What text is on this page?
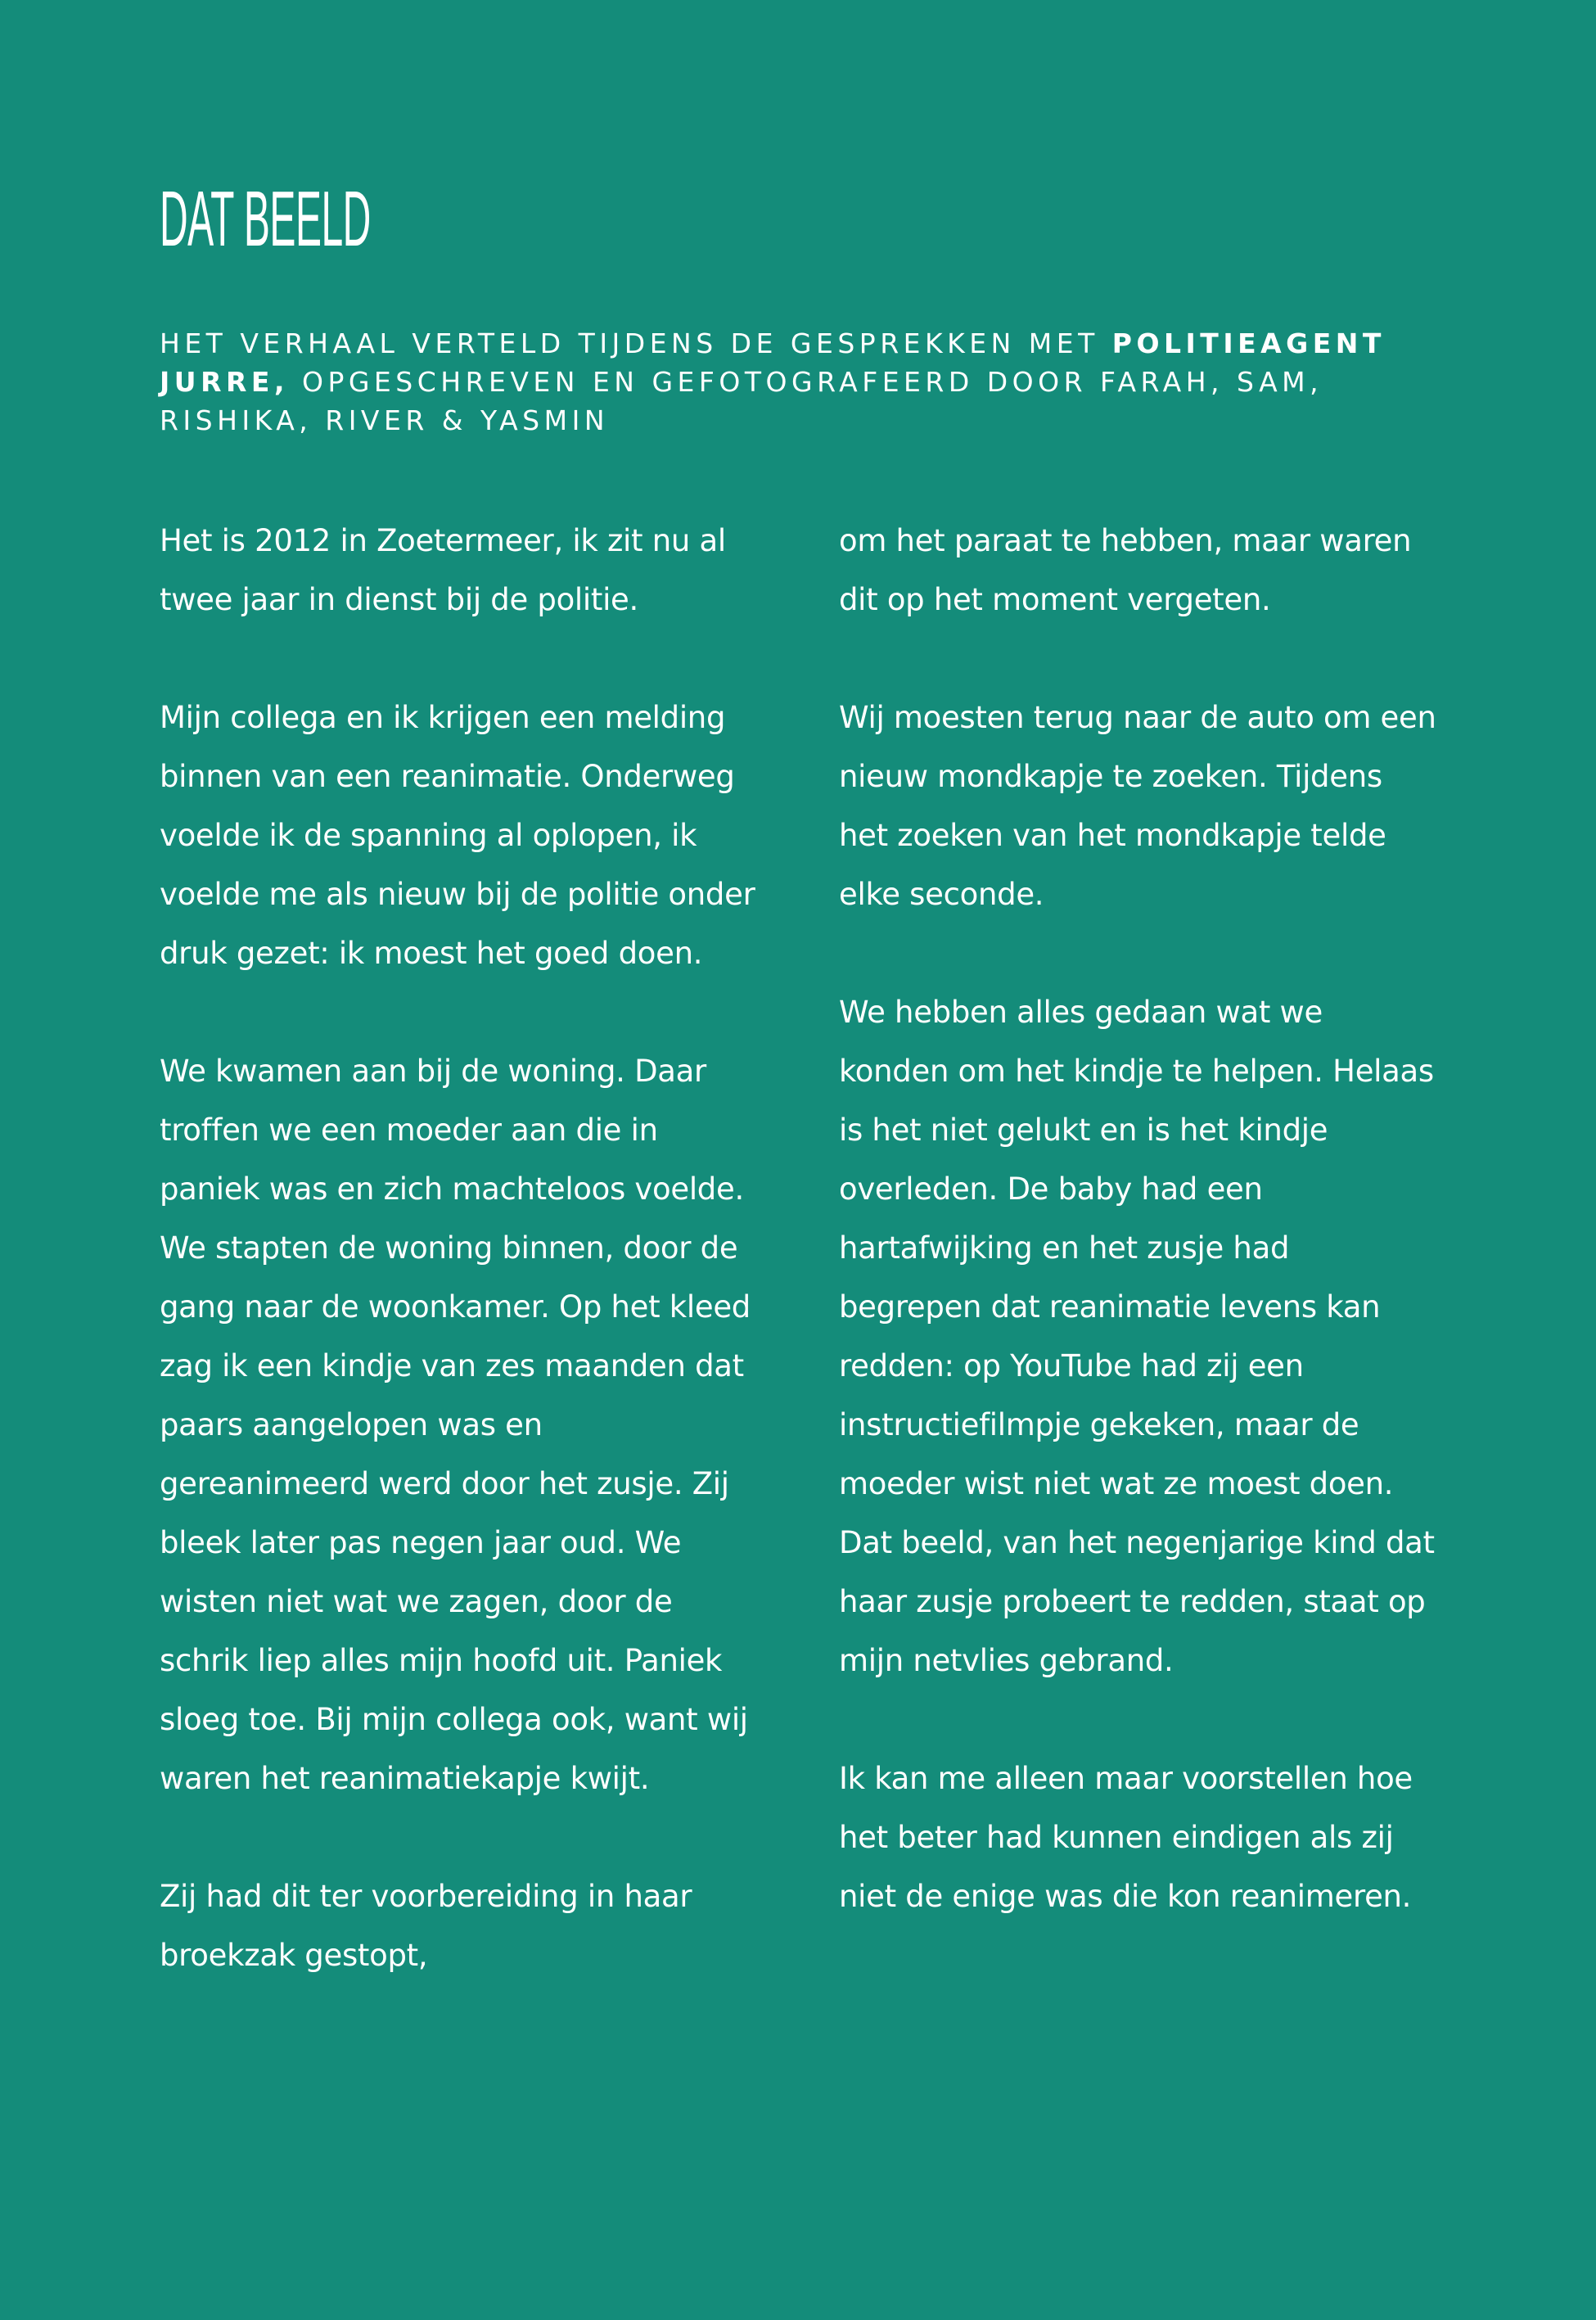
DAT BEELD
HET VERHAAL VERTELD TIJDENS DE GESPREKKEN MET POLITIEAGENT JURRE, OPGESCHREVEN EN GEFOTOGRAFEERD DOOR FARAH, SAM, RISHIKA, RIVER & YASMIN

Het is 2012 in Zoetermeer, ik zit nu al twee jaar in dienst bij de politie.

Mijn collega en ik krijgen een melding binnen van een reanimatie. Onderweg voelde ik de spanning al oplopen, ik voelde me als nieuw bij de politie onder druk gezet: ik moest het goed doen.

We kwamen aan bij de woning. Daar troffen we een moeder aan die in paniek was en zich machteloos voelde. We stapten de woning binnen, door de gang naar de woonkamer. Op het kleed zag ik een kindje van zes maanden dat paars aangelopen was en gereanimeerd werd door het zusje. Zij bleek later pas negen jaar oud. We wisten niet wat we zagen, door de schrik liep alles mijn hoofd uit. Paniek sloeg toe. Bij mijn collega ook, want wij waren het reanimatiekapje kwijt.

Zij had dit ter voorbereiding in haar broekzak gestopt,

om het paraat te hebben, maar waren dit op het moment vergeten.

Wij moesten terug naar de auto om een nieuw mondkapje te zoeken. Tijdens het zoeken van het mondkapje telde elke seconde.

We hebben alles gedaan wat we konden om het kindje te helpen. Helaas is het niet gelukt en is het kindje overleden. De baby had een hartafwijking en het zusje had begrepen dat reanimatie levens kan redden: op YouTube had zij een instructiefilmpje gekeken, maar de moeder wist niet wat ze moest doen.

Dat beeld, van het negenjarige kind dat haar zusje probeert te redden, staat op mijn netvlies gebrand.

Ik kan me alleen maar voorstellen hoe het beter had kunnen eindigen als zij niet de enige was die kon reanimeren.
